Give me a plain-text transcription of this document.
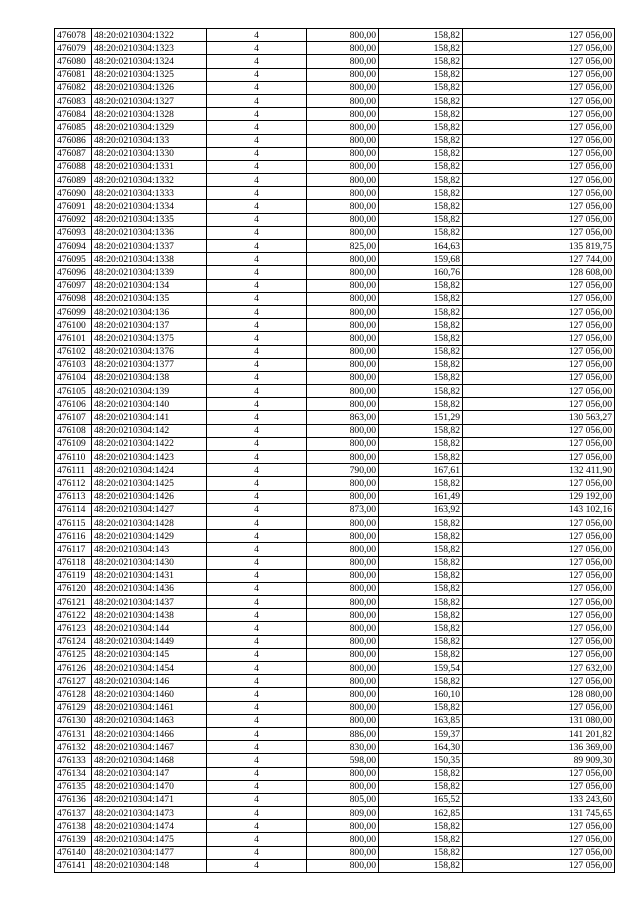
476078	48:20:0210304:1322	4	800,00	158,82	127 056,00
476079	48:20:0210304:1323	4	800,00	158,82	127 056,00
476080	48:20:0210304:1324	4	800,00	158,82	127 056,00
476081	48:20:0210304:1325	4	800,00	158,82	127 056,00
476082	48:20:0210304:1326	4	800,00	158,82	127 056,00
476083	48:20:0210304:1327	4	800,00	158,82	127 056,00
476084	48:20:0210304:1328	4	800,00	158,82	127 056,00
476085	48:20:0210304:1329	4	800,00	158,82	127 056,00
476086	48:20:0210304:133	4	800,00	158,82	127 056,00
476087	48:20:0210304:1330	4	800,00	158,82	127 056,00
476088	48:20:0210304:1331	4	800,00	158,82	127 056,00
476089	48:20:0210304:1332	4	800,00	158,82	127 056,00
476090	48:20:0210304:1333	4	800,00	158,82	127 056,00
476091	48:20:0210304:1334	4	800,00	158,82	127 056,00
476092	48:20:0210304:1335	4	800,00	158,82	127 056,00
476093	48:20:0210304:1336	4	800,00	158,82	127 056,00
476094	48:20:0210304:1337	4	825,00	164,63	135 819,75
476095	48:20:0210304:1338	4	800,00	159,68	127 744,00
476096	48:20:0210304:1339	4	800,00	160,76	128 608,00
476097	48:20:0210304:134	4	800,00	158,82	127 056,00
476098	48:20:0210304:135	4	800,00	158,82	127 056,00
476099	48:20:0210304:136	4	800,00	158,82	127 056,00
476100	48:20:0210304:137	4	800,00	158,82	127 056,00
476101	48:20:0210304:1375	4	800,00	158,82	127 056,00
476102	48:20:0210304:1376	4	800,00	158,82	127 056,00
476103	48:20:0210304:1377	4	800,00	158,82	127 056,00
476104	48:20:0210304:138	4	800,00	158,82	127 056,00
476105	48:20:0210304:139	4	800,00	158,82	127 056,00
476106	48:20:0210304:140	4	800,00	158,82	127 056,00
476107	48:20:0210304:141	4	863,00	151,29	130 563,27
476108	48:20:0210304:142	4	800,00	158,82	127 056,00
476109	48:20:0210304:1422	4	800,00	158,82	127 056,00
476110	48:20:0210304:1423	4	800,00	158,82	127 056,00
476111	48:20:0210304:1424	4	790,00	167,61	132 411,90
476112	48:20:0210304:1425	4	800,00	158,82	127 056,00
476113	48:20:0210304:1426	4	800,00	161,49	129 192,00
476114	48:20:0210304:1427	4	873,00	163,92	143 102,16
476115	48:20:0210304:1428	4	800,00	158,82	127 056,00
476116	48:20:0210304:1429	4	800,00	158,82	127 056,00
476117	48:20:0210304:143	4	800,00	158,82	127 056,00
476118	48:20:0210304:1430	4	800,00	158,82	127 056,00
476119	48:20:0210304:1431	4	800,00	158,82	127 056,00
476120	48:20:0210304:1436	4	800,00	158,82	127 056,00
476121	48:20:0210304:1437	4	800,00	158,82	127 056,00
476122	48:20:0210304:1438	4	800,00	158,82	127 056,00
476123	48:20:0210304:144	4	800,00	158,82	127 056,00
476124	48:20:0210304:1449	4	800,00	158,82	127 056,00
476125	48:20:0210304:145	4	800,00	158,82	127 056,00
476126	48:20:0210304:1454	4	800,00	159,54	127 632,00
476127	48:20:0210304:146	4	800,00	158,82	127 056,00
476128	48:20:0210304:1460	4	800,00	160,10	128 080,00
476129	48:20:0210304:1461	4	800,00	158,82	127 056,00
476130	48:20:0210304:1463	4	800,00	163,85	131 080,00
476131	48:20:0210304:1466	4	886,00	159,37	141 201,82
476132	48:20:0210304:1467	4	830,00	164,30	136 369,00
476133	48:20:0210304:1468	4	598,00	150,35	89 909,30
476134	48:20:0210304:147	4	800,00	158,82	127 056,00
476135	48:20:0210304:1470	4	800,00	158,82	127 056,00
476136	48:20:0210304:1471	4	805,00	165,52	133 243,60
476137	48:20:0210304:1473	4	809,00	162,85	131 745,65
476138	48:20:0210304:1474	4	800,00	158,82	127 056,00
476139	48:20:0210304:1475	4	800,00	158,82	127 056,00
476140	48:20:0210304:1477	4	800,00	158,82	127 056,00
476141	48:20:0210304:148	4	800,00	158,82	127 056,00
